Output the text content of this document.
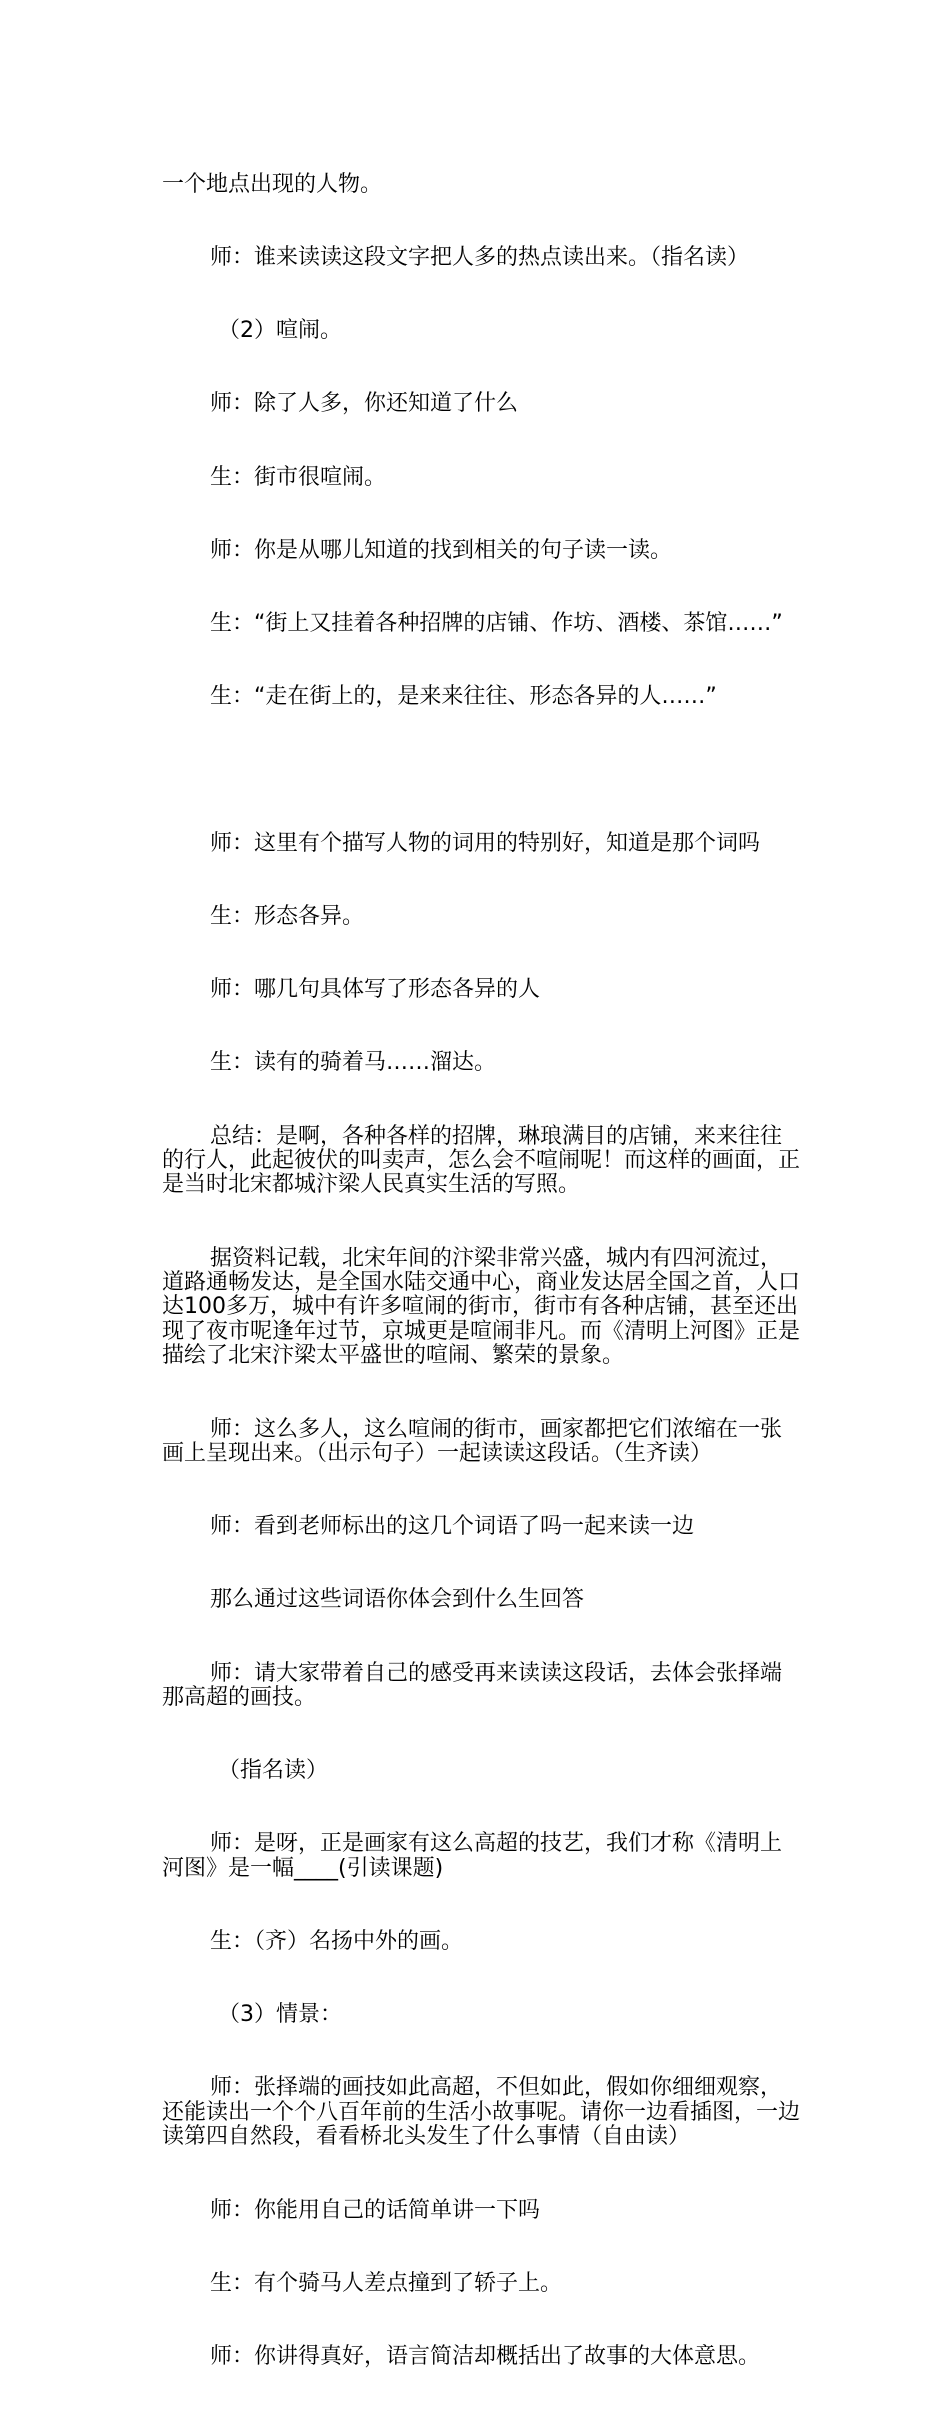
一个地点出现的人物。

师：谁来读读这段文字把人多的热点读出来。（指名读）

（2）喧闹。

师：除了人多，你还知道了什么

生：街市很喧闹。

师：你是从哪儿知道的找到相关的句子读一读。

生：“街上又挂着各种招牌的店铺、作坊、酒楼、茶馆……”

生：“走在街上的，是来来往往、形态各异的人……”

师：这里有个描写人物的词用的特别好，知道是那个词吗

生：形态各异。

师：哪几句具体写了形态各异的人

生：读有的骑着马……溜达。

总结：是啊，各种各样的招牌，琳琅满目的店铺，来来往往的行人，此起彼伏的叫卖声，怎么会不喧闹呢！而这样的画面，正是当时北宋都城汴梁人民真实生活的写照。

据资料记载，北宋年间的汴梁非常兴盛，城内有四河流过，道路通畅发达，是全国水陆交通中心，商业发达居全国之首，人口达100多万，城中有许多喧闹的街市，街市有各种店铺，甚至还出现了夜市呢逢年过节，京城更是喧闹非凡。而《清明上河图》正是描绘了北宋汴梁太平盛世的喧闹、繁荣的景象。

师：这么多人，这么喧闹的街市，画家都把它们浓缩在一张画上呈现出来。（出示句子）一起读读这段话。（生齐读）

师：看到老师标出的这几个词语了吗一起来读一边

那么通过这些词语你体会到什么生回答

师：请大家带着自己的感受再来读读这段话，去体会张择端那高超的画技。

（指名读）

师：是呀，正是画家有这么高超的技艺，我们才称《清明上河图》是一幅____(引读课题)

生：（齐）名扬中外的画。

（3）情景：

师：张择端的画技如此高超，不但如此，假如你细细观察，还能读出一个个八百年前的生活小故事呢。请你一边看插图，一边读第四自然段，看看桥北头发生了什么事情（自由读）

师：你能用自己的话简单讲一下吗

生：有个骑马人差点撞到了轿子上。

师：你讲得真好，语言简洁却概括出了故事的大体意思。
